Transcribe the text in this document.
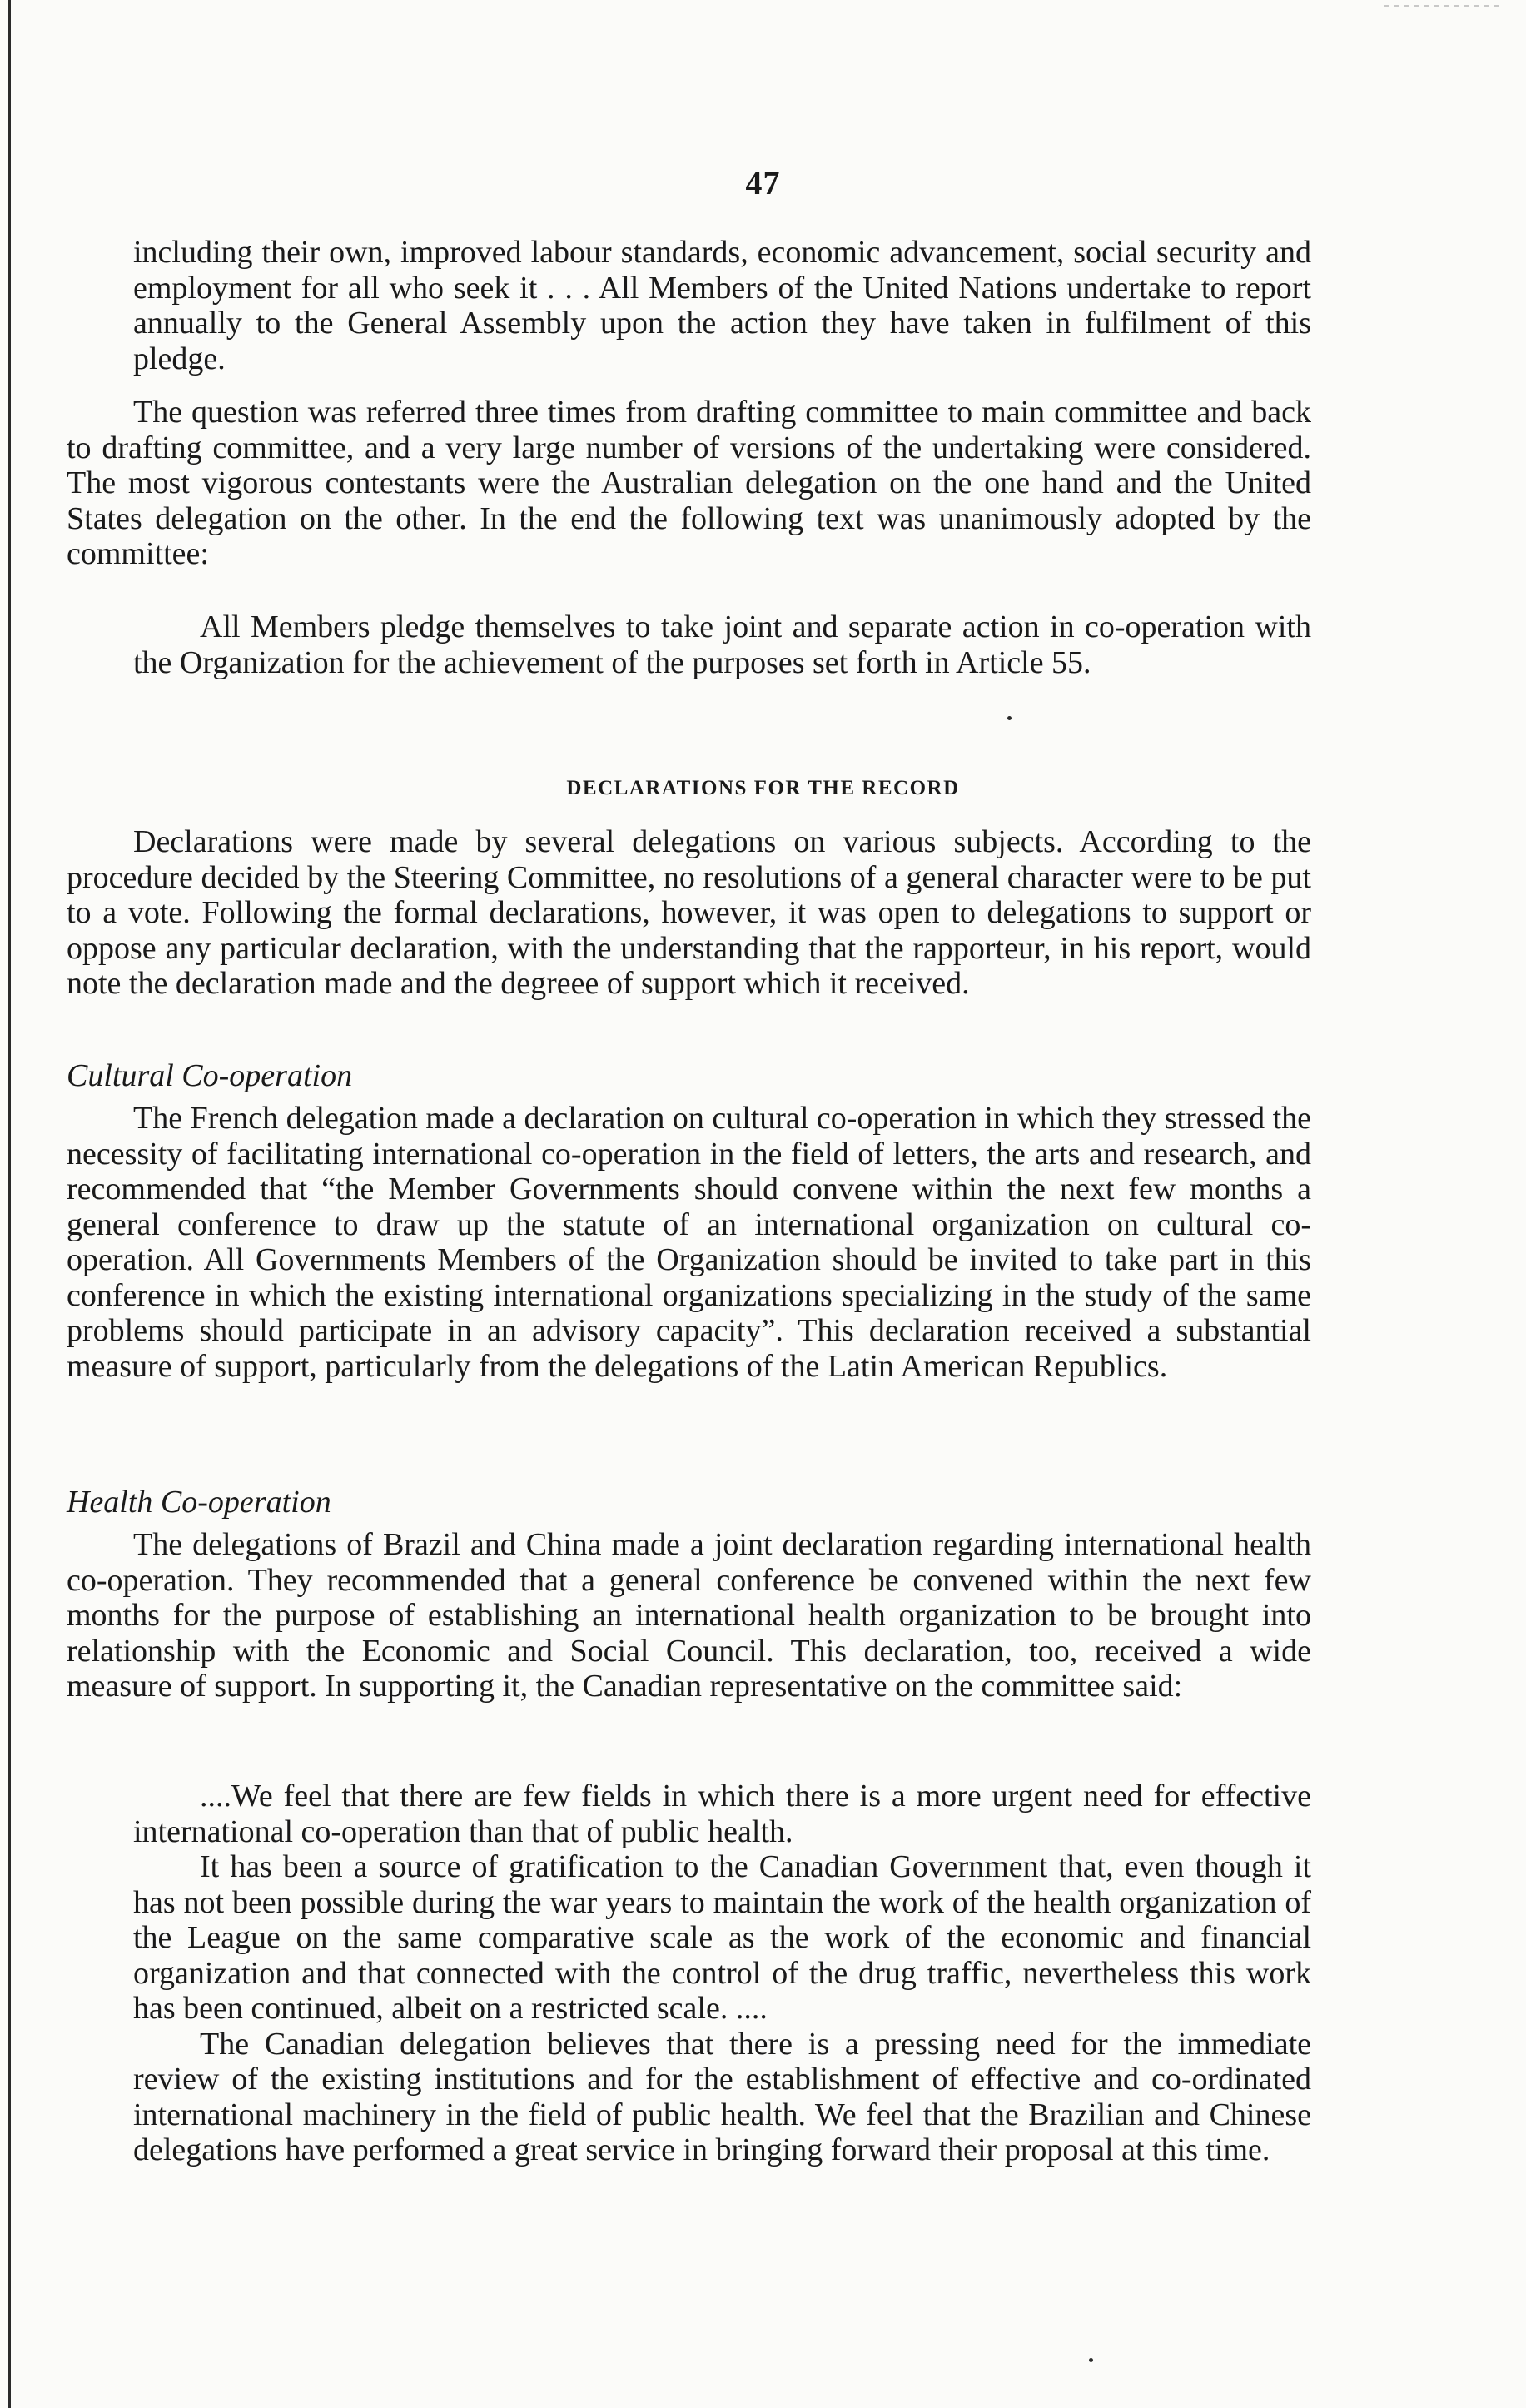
47

including their own, improved labour standards, economic advancement, social security and employment for all who seek it . . . All Members of the United Nations undertake to report annually to the General Assembly upon the action they have taken in fulfilment of this pledge.

The question was referred three times from drafting committee to main committee and back to drafting committee, and a very large number of versions of the undertaking were considered. The most vigorous contestants were the Australian delegation on the one hand and the United States delegation on the other. In the end the following text was unanimously adopted by the committee:

All Members pledge themselves to take joint and separate action in co-operation with the Organization for the achievement of the purposes set forth in Article 55.

DECLARATIONS FOR THE RECORD

Declarations were made by several delegations on various subjects. According to the procedure decided by the Steering Committee, no resolutions of a general character were to be put to a vote. Following the formal declarations, however, it was open to delegations to support or oppose any particular declaration, with the understanding that the rapporteur, in his report, would note the declaration made and the degreee of support which it received.

Cultural Co-operation

The French delegation made a declaration on cultural co-operation in which they stressed the necessity of facilitating international co-operation in the field of letters, the arts and research, and recommended that “the Member Governments should convene within the next few months a general conference to draw up the statute of an international organization on cultural co-operation. All Governments Members of the Organization should be invited to take part in this conference in which the existing international organizations specializing in the study of the same problems should participate in an advisory capacity”. This declaration received a substantial measure of support, particularly from the delegations of the Latin American Republics.

Health Co-operation

The delegations of Brazil and China made a joint declaration regarding international health co-operation. They recommended that a general conference be convened within the next few months for the purpose of establishing an international health organization to be brought into relationship with the Economic and Social Council. This declaration, too, received a wide measure of support. In supporting it, the Canadian representative on the committee said:

....We feel that there are few fields in which there is a more urgent need for effective international co-operation than that of public health.

It has been a source of gratification to the Canadian Government that, even though it has not been possible during the war years to maintain the work of the health organization of the League on the same comparative scale as the work of the economic and financial organization and that connected with the control of the drug traffic, nevertheless this work has been continued, albeit on a restricted scale. ....

The Canadian delegation believes that there is a pressing need for the immediate review of the existing institutions and for the establishment of effective and co-ordinated international machinery in the field of public health. We feel that the Brazilian and Chinese delegations have performed a great service in bringing forward their proposal at this time.
